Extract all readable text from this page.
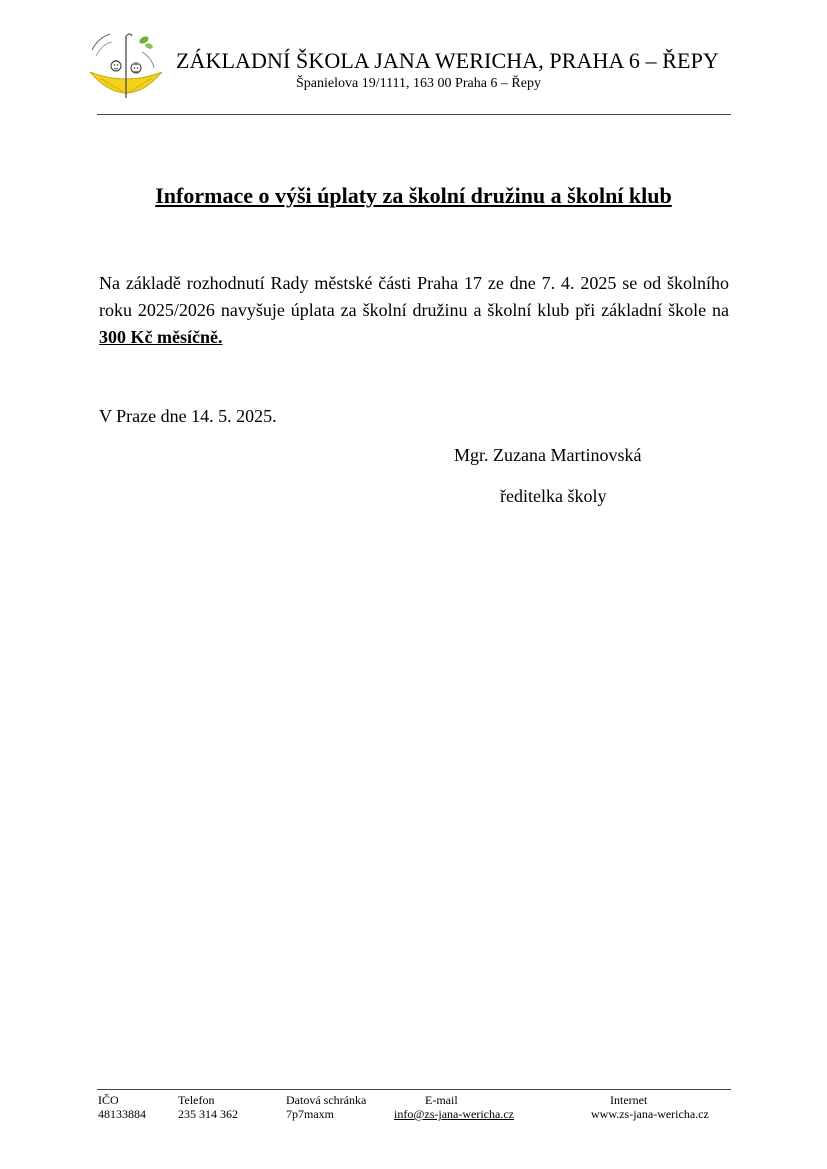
ZÁKLADNÍ ŠKOLA JANA WERICHA, PRAHA 6 – ŘEPY
Španielova 19/1111, 163 00 Praha 6 – Řepy
Informace o výši úplaty za školní družinu a školní klub
Na základě rozhodnutí Rady městské části Praha 17 ze dne 7. 4. 2025 se od školního roku 2025/2026 navyšuje úplata za školní družinu a školní klub při základní škole na 300 Kč měsíčně.
V Praze dne 14. 5. 2025.
Mgr. Zuzana Martinovská
ředitelka školy
IČO
48133884
Telefon
235 314 362
Datová schránka
7p7maxm
E-mail
info@zs-jana-wericha.cz
Internet
www.zs-jana-wericha.cz
